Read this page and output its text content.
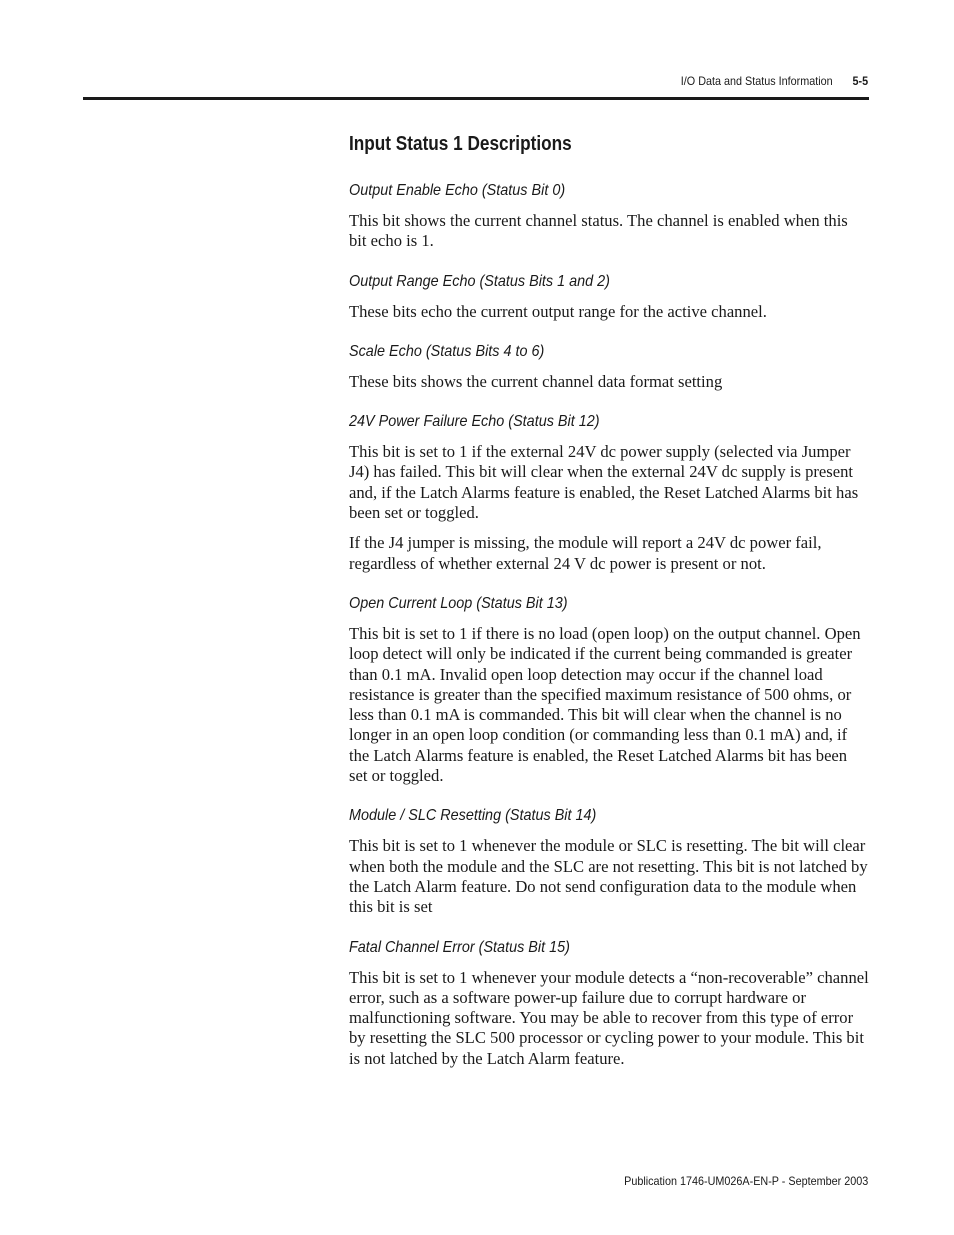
I/O Data and Status Information 5-5
Input Status 1 Descriptions
Output Enable Echo (Status Bit 0)

This bit shows the current channel status. The channel is enabled when this bit echo is 1.

Output Range Echo (Status Bits 1 and 2)

These bits echo the current output range for the active channel.

Scale Echo (Status Bits 4 to 6)

These bits shows the current channel data format setting

24V Power Failure Echo (Status Bit 12)

This bit is set to 1 if the external 24V dc power supply (selected via Jumper J4) has failed. This bit will clear when the external 24V dc supply is present and, if the Latch Alarms feature is enabled, the Reset Latched Alarms bit has been set or toggled.

If the J4 jumper is missing, the module will report a 24V dc power fail, regardless of whether external 24 V dc power is present or not.

Open Current Loop (Status Bit 13)

This bit is set to 1 if there is no load (open loop) on the output channel. Open loop detect will only be indicated if the current being commanded is greater than 0.1 mA. Invalid open loop detection may occur if the channel load resistance is greater than the specified maximum resistance of 500 ohms, or less than 0.1 mA is commanded. This bit will clear when the channel is no longer in an open loop condition (or commanding less than 0.1 mA) and, if the Latch Alarms feature is enabled, the Reset Latched Alarms bit has been set or toggled.

Module / SLC Resetting (Status Bit 14)

This bit is set to 1 whenever the module or SLC is resetting. The bit will clear when both the module and the SLC are not resetting. This bit is not latched by the Latch Alarm feature. Do not send configuration data to the module when this bit is set

Fatal Channel Error (Status Bit 15)

This bit is set to 1 whenever your module detects a “non-recoverable” channel error, such as a software power-up failure due to corrupt hardware or malfunctioning software. You may be able to recover from this type of error by resetting the SLC 500 processor or cycling power to your module. This bit is not latched by the Latch Alarm feature.

Publication 1746-UM026A-EN-P - September 2003
